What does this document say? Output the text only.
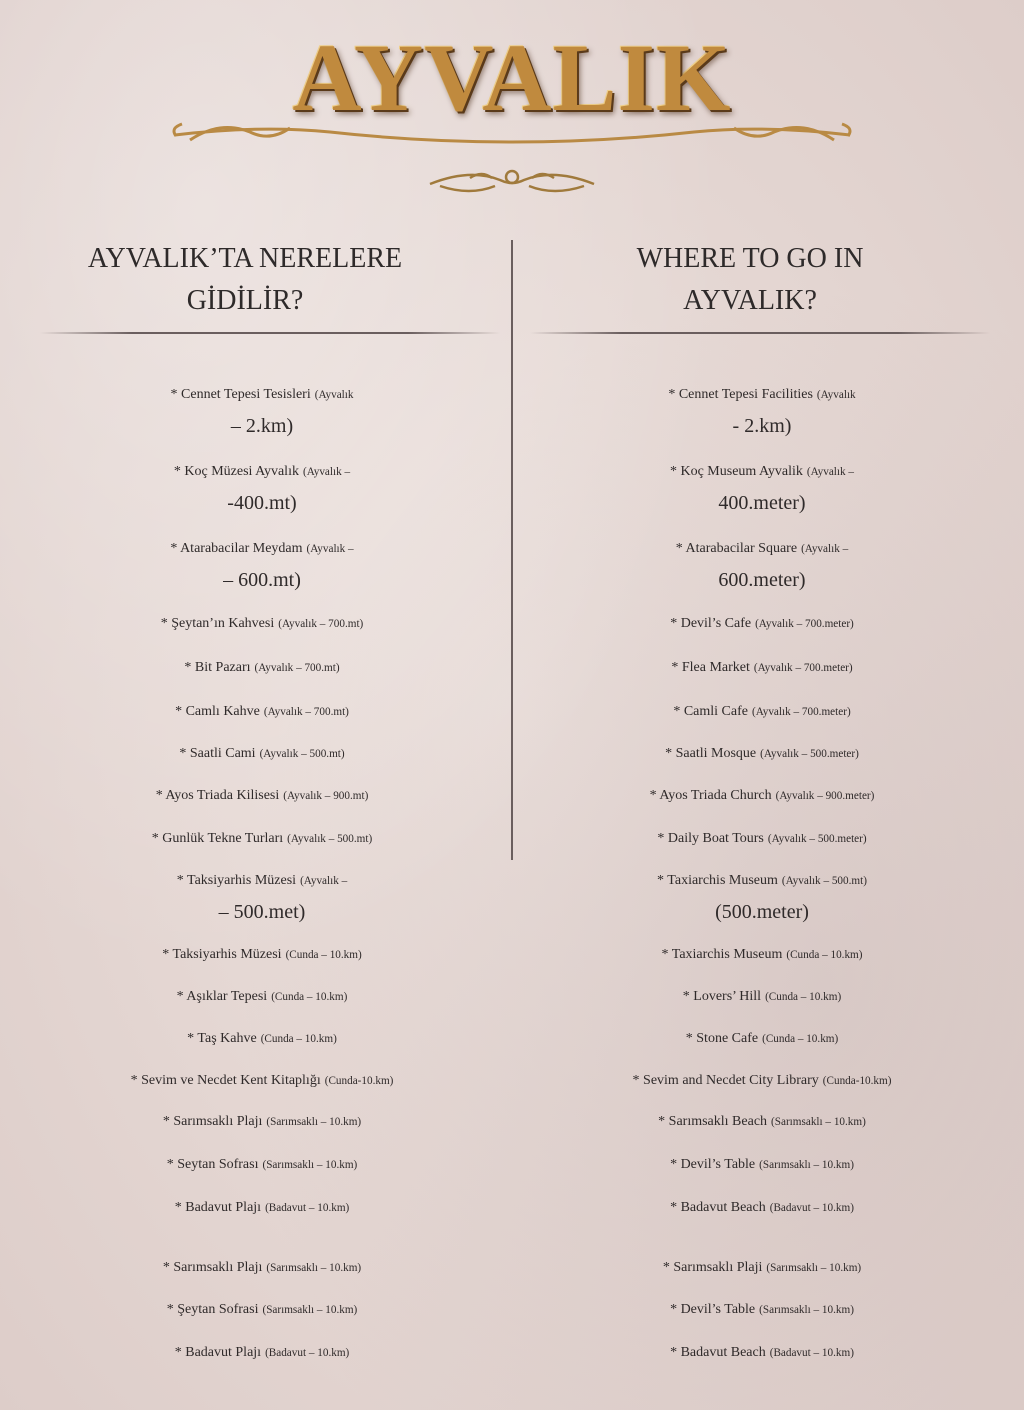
AYVALIK
AYVALIK’TA NERELERE
GİDİLİR?
WHERE TO GO IN
AYVALIK?
* Cennet Tepesi Tesisleri (Ayvalık
– 2.km)
* Koç Müzesi Ayvalık (Ayvalık –
-400.mt)
* Atarabacilar Meydam (Ayvalık –
– 600.mt)
* Şeytan’ın Kahvesi (Ayvalık – 700.mt)
* Bit Pazarı (Ayvalık – 700.mt)
* Camlı Kahve (Ayvalık – 700.mt)
* Saatli Cami (Ayvalık – 500.mt)
* Ayos Triada Kilisesi (Ayvalık – 900.mt)
* Gunlük Tekne Turları (Ayvalık – 500.mt)
* Taksiyarhis Müzesi (Ayvalık –
– 500.met)
* Taksiyarhis Müzesi (Cunda – 10.km)
* Aşıklar Tepesi (Cunda – 10.km)
* Taş Kahve (Cunda – 10.km)
* Sevim ve Necdet Kent Kitaplığı (Cunda-10.km)
* Sarımsaklı Plajı (Sarımsaklı – 10.km)
* Seytan Sofrası (Sarımsaklı – 10.km)
* Badavut Plajı (Badavut – 10.km)
* Sarımsaklı Plajı (Sarımsaklı – 10.km)
* Şeytan Sofrasi (Sarımsaklı – 10.km)
* Badavut Plajı (Badavut – 10.km)
* Cennet Tepesi Facilities (Ayvalık
- 2.km)
* Koç Museum Ayvalik (Ayvalık –
400.meter)
* Atarabacilar Square (Ayvalık –
600.meter)
* Devil’s Cafe (Ayvalık – 700.meter)
* Flea Market (Ayvalık – 700.meter)
* Camli Cafe (Ayvalık – 700.meter)
* Saatli Mosque (Ayvalık – 500.meter)
* Ayos Triada Church (Ayvalık – 900.meter)
* Daily Boat Tours (Ayvalık – 500.meter)
* Taxiarchis Museum (Ayvalık – 500.mt)
(500.meter)
* Taxiarchis Museum (Cunda – 10.km)
* Lovers’ Hill (Cunda – 10.km)
* Stone Cafe (Cunda – 10.km)
* Sevim and Necdet City Library (Cunda-10.km)
* Sarımsaklı Beach (Sarımsaklı – 10.km)
* Devil’s Table (Sarımsaklı – 10.km)
* Badavut Beach (Badavut – 10.km)
* Sarımsaklı Plaji (Sarımsaklı – 10.km)
* Devil’s Table (Sarımsaklı – 10.km)
* Badavut Beach (Badavut – 10.km)
